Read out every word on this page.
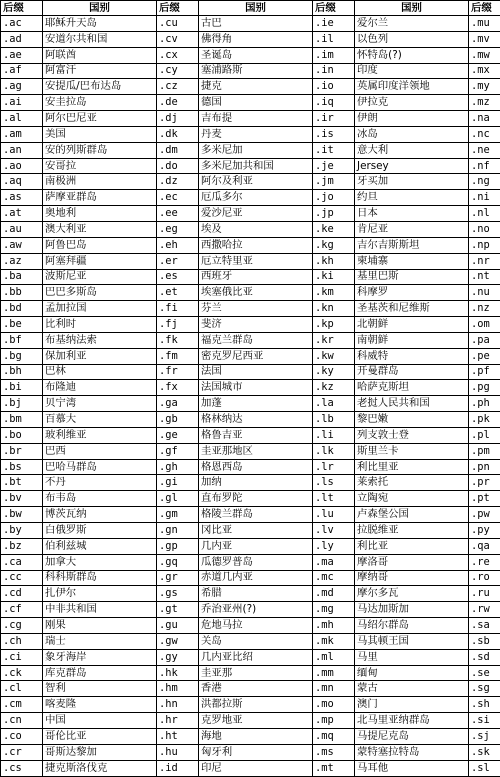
后缀	国别	后缀	国别	后缀	国别	后缀
.ac	耶稣升天岛	.cu	古巴	.ie	爱尔兰	.mu
.ad	安道尔共和国	.cv	佛得角	.il	以色列	.mv
.ae	阿联酋	.cx	圣诞岛	.im	怀特岛(?)	.mw
.af	阿富汗	.cy	塞浦路斯	.in	印度	.mx
.ag	安提瓜/巴布达岛	.cz	捷克	.io	英属印度洋领地	.my
.ai	安圭拉岛	.de	德国	.iq	伊拉克	.mz
.al	阿尔巴尼亚	.dj	吉布提	.ir	伊朗	.na
.am	美国	.dk	丹麦	.is	冰岛	.nc
.an	安的列斯群岛	.dm	多米尼加	.it	意大利	.ne
.ao	安哥拉	.do	多米尼加共和国	.je	Jersey	.nf
.aq	南极洲	.dz	阿尔及利亚	.jm	牙买加	.ng
.as	萨摩亚群岛	.ec	厄瓜多尔	.jo	约旦	.ni
.at	奥地利	.ee	爱沙尼亚	.jp	日本	.nl
.au	澳大利亚	.eg	埃及	.ke	肯尼亚	.no
.aw	阿鲁巴岛	.eh	西撒哈拉	.kg	吉尔吉斯斯坦	.np
.az	阿塞拜疆	.er	厄立特里亚	.kh	柬埔寨	.nr
.ba	波斯尼亚	.es	西班牙	.ki	基里巴斯	.nt
.bb	巴巴多斯岛	.et	埃塞俄比亚	.km	科摩罗	.nu
.bd	孟加拉国	.fi	芬兰	.kn	圣基茨和尼维斯	.nz
.be	比利时	.fj	斐济	.kp	北朝鲜	.om
.bf	布基纳法索	.fk	福克兰群岛	.kr	南朝鲜	.pa
.bg	保加利亚	.fm	密克罗尼西亚	.kw	科威特	.pe
.bh	巴林	.fr	法国	.ky	开曼群岛	.pf
.bi	布隆迪	.fx	法国城市	.kz	哈萨克斯坦	.pg
.bj	贝宁湾	.ga	加蓬	.la	老挝人民共和国	.ph
.bm	百慕大	.gb	格林纳达	.lb	黎巴嫩	.pk
.bo	玻利维亚	.ge	格鲁吉亚	.li	列支敦士登	.pl
.br	巴西	.gf	圭亚那地区	.lk	斯里兰卡	.pm
.bs	巴哈马群岛	.gh	格恩西岛	.lr	利比里亚	.pn
.bt	不丹	.gi	加纳	.ls	莱索托	.pr
.bv	布韦岛	.gl	直布罗陀	.lt	立陶宛	.pt
.bw	博茨瓦纳	.gm	格陵兰群岛	.lu	卢森堡公国	.pw
.by	白俄罗斯	.gn	冈比亚	.lv	拉脱维亚	.py
.bz	伯利兹城	.gp	几内亚	.ly	利比亚	.qa
.ca	加拿大	.gq	瓜德罗普岛	.ma	摩洛哥	.re
.cc	科科斯群岛	.gr	赤道几内亚	.mc	摩纳哥	.ro
.cd	扎伊尔	.gs	希腊	.md	摩尔多瓦	.ru
.cf	中非共和国	.gt	乔治亚州(?)	.mg	马达加斯加	.rw
.cg	刚果	.gu	危地马拉	.mh	马绍尔群岛	.sa
.ch	瑞士	.gw	关岛	.mk	马其顿王国	.sb
.ci	象牙海岸	.gy	几内亚比绍	.ml	马里	.sd
.ck	库克群岛	.hk	圭亚那	.mm	缅甸	.se
.cl	智利	.hm	香港	.mn	蒙古	.sg
.cm	喀麦隆	.hn	洪都拉斯	.mo	澳门	.sh
.cn	中国	.hr	克罗地亚	.mp	北马里亚纳群岛	.si
.co	哥伦比亚	.ht	海地	.mq	马提尼克岛	.sj
.cr	哥斯达黎加	.hu	匈牙利	.ms	蒙特塞拉特岛	.sk
.cs	捷克斯洛伐克	.id	印尼	.mt	马耳他	.sl
